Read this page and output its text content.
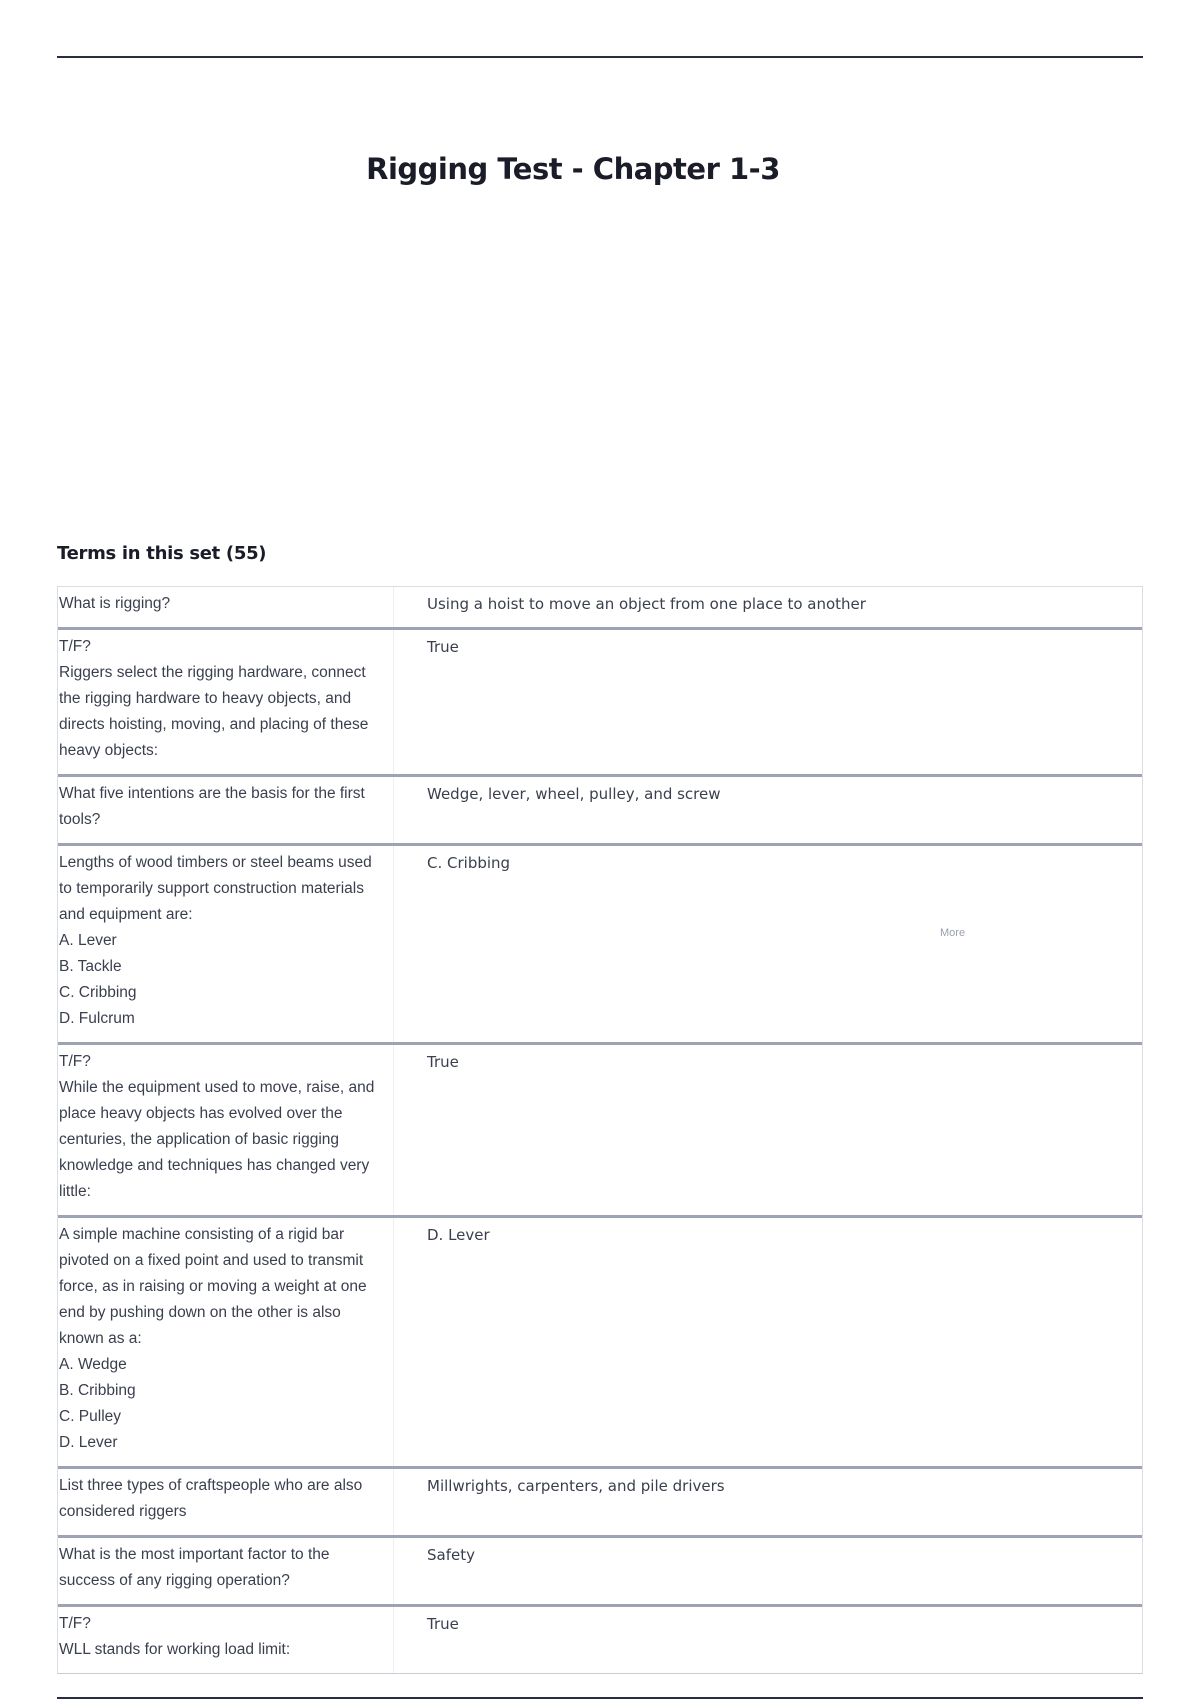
Rigging Test - Chapter 1-3
Terms in this set (55)
What is rigging?	Using a hoist to move an object from one place to another
T/F?
Riggers select the rigging hardware, connect the rigging hardware to heavy objects, and directs hoisting, moving, and placing of these heavy objects:
True
What five intentions are the basis for the first tools?
Wedge, lever, wheel, pulley, and screw
Lengths of wood timbers or steel beams used to temporarily support construction materials and equipment are:
A. Lever
B. Tackle
C. Cribbing
D. Fulcrum
C. Cribbing
T/F?
While the equipment used to move, raise, and place heavy objects has evolved over the centuries, the application of basic rigging knowledge and techniques has changed very little:
True
A simple machine consisting of a rigid bar pivoted on a fixed point and used to transmit force, as in raising or moving a weight at one end by pushing down on the other is also known as a:
A. Wedge
B. Cribbing
C. Pulley
D. Lever
D. Lever
List three types of craftspeople who are also considered riggers
Millwrights, carpenters, and pile drivers
What is the most important factor to the success of any rigging operation?
Safety
T/F?
WLL stands for working load limit:
True
More
